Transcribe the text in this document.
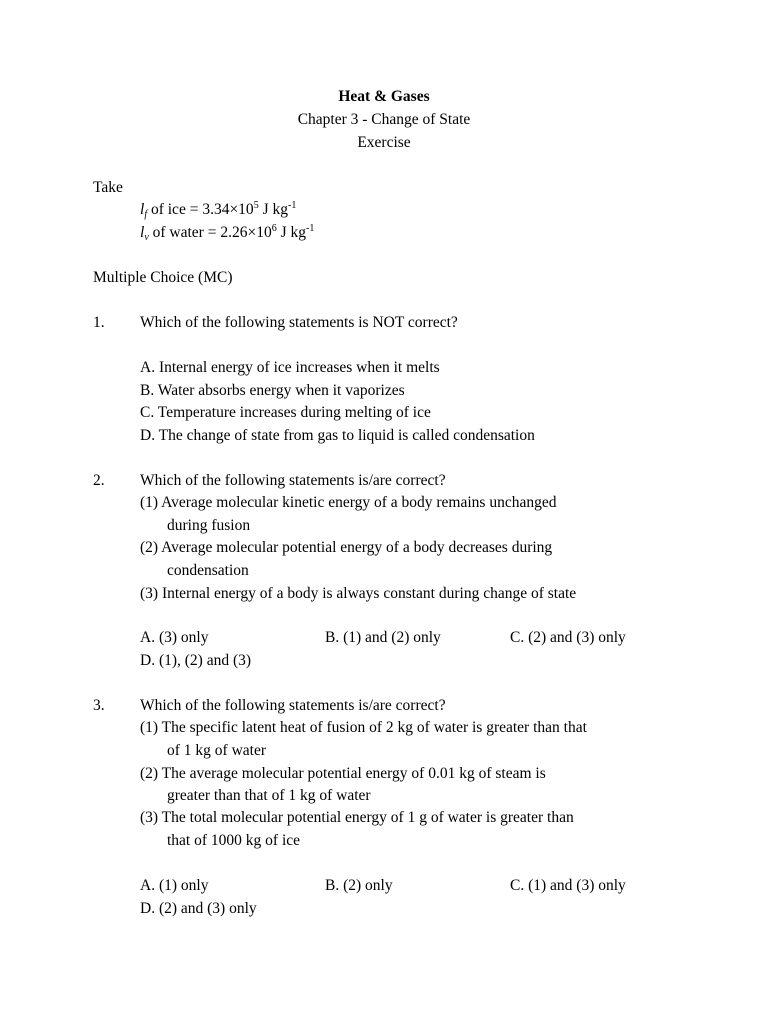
Heat & Gases
Chapter 3 - Change of State
Exercise
Take
$l_f$ of ice = $3.34\times 10^5$ J $kg^{-1}$
$l_v$ of water = $2.26\times 10^6$ J $kg^{-1}$
Multiple Choice (MC)
1. Which of the following statements is NOT correct?
A. Internal energy of ice increases when it melts
B. Water absorbs energy when it vaporizes
C. Temperature increases during melting of ice
D. The change of state from gas to liquid is called condensation
2. Which of the following statements is/are correct?
(1) Average molecular kinetic energy of a body remains unchanged
during fusion
(2) Average molecular potential energy of a body decreases during
condensation
(3) Internal energy of a body is always constant during change of state
A. (3) only	B. (1) and (2) only	C. (2) and (3) only
D. (1), (2) and (3)
3. Which of the following statements is/are correct?
(1) The specific latent heat of fusion of 2 kg of water is greater than that
of 1 kg of water
(2) The average molecular potential energy of 0.01 kg of steam is
greater than that of 1 kg of water
(3) The total molecular potential energy of 1 g of water is greater than
that of 1000 kg of ice
A. (1) only	B. (2) only	C. (1) and (3) only
D. (2) and (3) only
